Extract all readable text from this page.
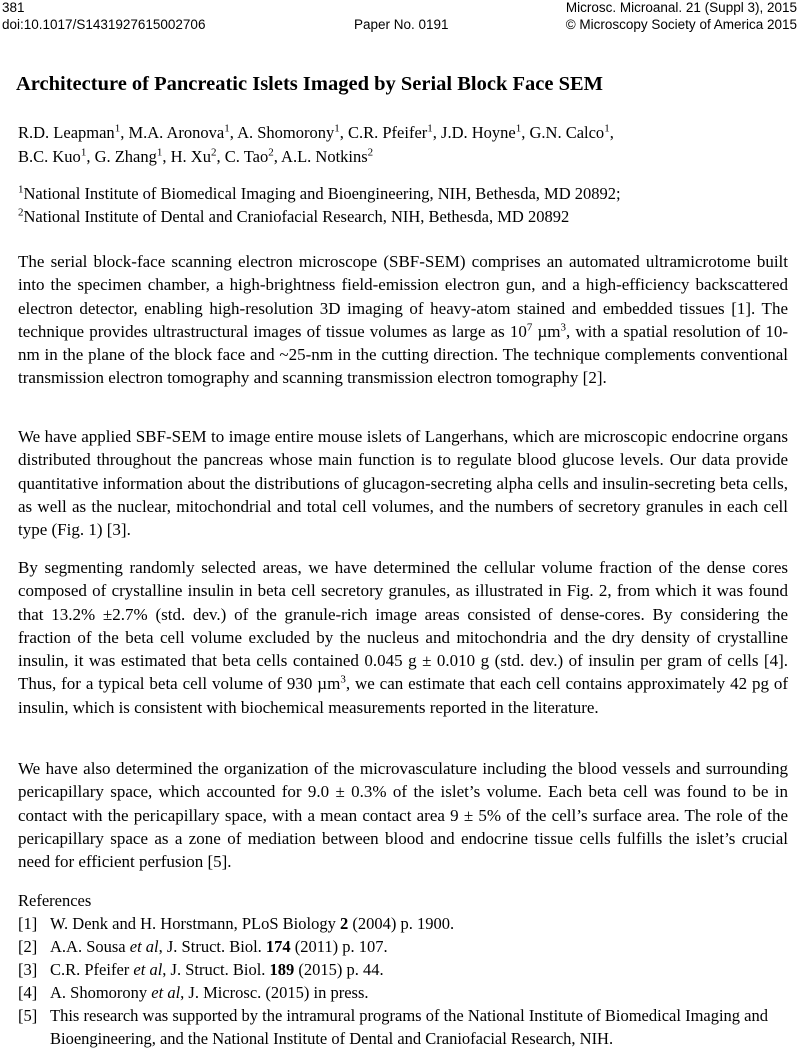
381
doi:10.1017/S1431927615002706	Paper No. 0191
Microsc. Microanal. 21 (Suppl 3), 2015
© Microscopy Society of America 2015
Architecture of Pancreatic Islets Imaged by Serial Block Face SEM
R.D. Leapman$^1$, M.A. Aronova$^1$, A. Shomorony$^1$, C.R. Pfeifer$^1$, J.D. Hoyne$^1$, G.N. Calco$^1$,
B.C. Kuo$^1$, G. Zhang$^1$, H. Xu$^2$, C. Tao$^2$, A.L. Notkins$^2$
$^1$National Institute of Biomedical Imaging and Bioengineering, NIH, Bethesda, MD 20892;
$^2$National Institute of Dental and Craniofacial Research, NIH, Bethesda, MD 20892

The serial block-face scanning electron microscope (SBF-SEM) comprises an automated ultramicrotome built into the specimen chamber, a high-brightness field-emission electron gun, and a high-efficiency backscattered electron detector, enabling high-resolution 3D imaging of heavy-atom stained and embedded tissues [1]. The technique provides ultrastructural images of tissue volumes as large as $10^7$ µm$^3$, with a spatial resolution of 10-nm in the plane of the block face and ~25-nm in the cutting direction. The technique complements conventional transmission electron tomography and scanning transmission electron tomography [2].

We have applied SBF-SEM to image entire mouse islets of Langerhans, which are microscopic endocrine organs distributed throughout the pancreas whose main function is to regulate blood glucose levels. Our data provide quantitative information about the distributions of glucagon-secreting alpha cells and insulin-secreting beta cells, as well as the nuclear, mitochondrial and total cell volumes, and the numbers of secretory granules in each cell type (Fig. 1) [3].

By segmenting randomly selected areas, we have determined the cellular volume fraction of the dense cores composed of crystalline insulin in beta cell secretory granules, as illustrated in Fig. 2, from which it was found that 13.2% ±2.7% (std. dev.) of the granule-rich image areas consisted of dense-cores. By considering the fraction of the beta cell volume excluded by the nucleus and mitochondria and the dry density of crystalline insulin, it was estimated that beta cells contained 0.045 g ± 0.010 g (std. dev.) of insulin per gram of cells [4]. Thus, for a typical beta cell volume of 930 µm$^3$, we can estimate that each cell contains approximately 42 pg of insulin, which is consistent with biochemical measurements reported in the literature.

We have also determined the organization of the microvasculature including the blood vessels and surrounding pericapillary space, which accounted for 9.0 ± 0.3% of the islet’s volume. Each beta cell was found to be in contact with the pericapillary space, with a mean contact area 9 ± 5% of the cell’s surface area. The role of the pericapillary space as a zone of mediation between blood and endocrine tissue cells fulfills the islet’s crucial need for efficient perfusion [5].

References
[1] W. Denk and H. Horstmann, PLoS Biology 2 (2004) p. 1900.
[2] A.A. Sousa et al, J. Struct. Biol. 174 (2011) p. 107.
[3] C.R. Pfeifer et al, J. Struct. Biol. 189 (2015) p. 44.
[4] A. Shomorony et al, J. Microsc. (2015) in press.
[5] This research was supported by the intramural programs of the National Institute of Biomedical Imaging and Bioengineering, and the National Institute of Dental and Craniofacial Research, NIH.
